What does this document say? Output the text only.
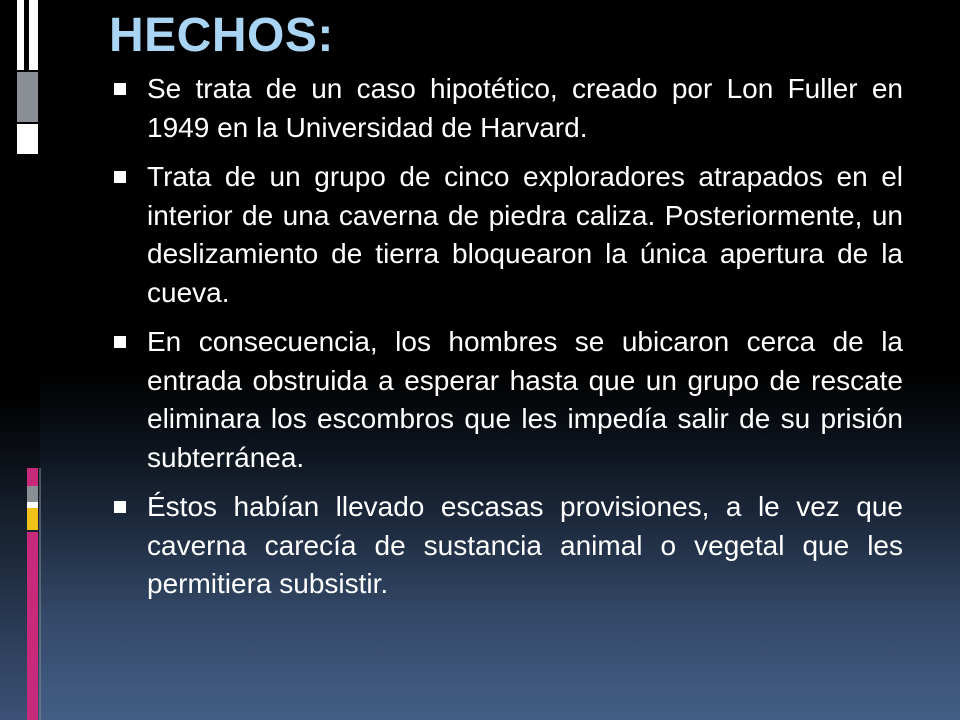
HECHOS:
Se trata de un caso hipotético, creado por Lon Fuller en 1949 en la Universidad de Harvard.
Trata de un grupo de cinco exploradores atrapados en el interior de una caverna de piedra caliza. Posteriormente, un deslizamiento de tierra bloquearon la única apertura de la cueva.
En consecuencia, los hombres se ubicaron cerca de la entrada obstruida a esperar hasta que un grupo de rescate eliminara los escombros que les impedía salir de su prisión subterránea.
Éstos habían llevado escasas provisiones, a le vez que caverna carecía de sustancia animal o vegetal que les permitiera subsistir.
